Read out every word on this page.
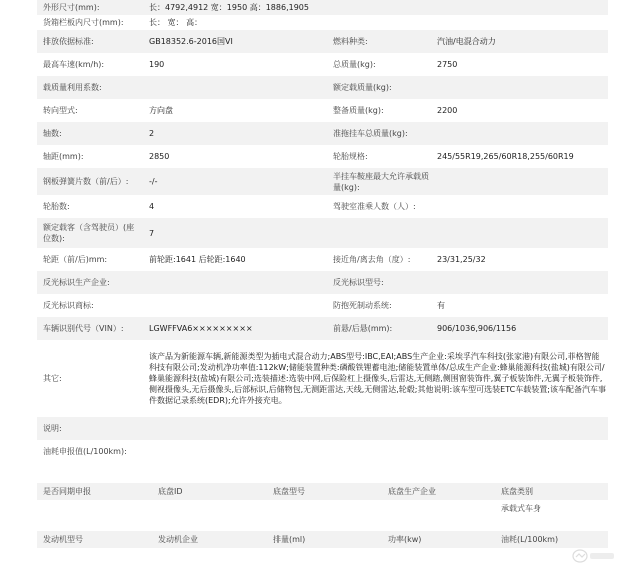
外形尺寸(mm):	长：4792,4912 宽：1950 高：1886,1905		
货箱栏板内尺寸(mm):	长： 宽： 高：		
排放依据标准:	GB18352.6-2016国VI	燃料种类:	汽油/电混合动力
最高车速(km/h):	190	总质量(kg):	2750
载质量利用系数:		额定载质量(kg):	
转向型式:	方向盘	整备质量(kg):	2200
轴数:	2	准拖挂车总质量(kg):	
轴距(mm):	2850	轮胎规格:	245/55R19,265/60R18,255/60R19
钢板弹簧片数（前/后）:	-/-	半挂车鞍座最大允许承载质量(kg):	
轮胎数:	4	驾驶室准乘人数（人）:	
额定载客（含驾驶员）(座位数):	7		
轮距（前/后)mm:	前轮距:1641 后轮距:1640	接近角/离去角（度）:	23/31,25/32
反光标识生产企业:		反光标识型号:	
反光标识商标:		防抱死制动系统:	有
车辆识别代号（VIN）:	LGWFFVA6×××××××××	前悬/后悬(mm):	906/1036,906/1156
其它:	该产品为新能源车辆,新能源类型为插电式混合动力;ABS型号:IBC,EAI;ABS生产企业:采埃孚汽车科技(张家港)有限公司,菲格智能科技有限公司;发动机净功率值:112kW;储能装置种类:磷酸铁锂蓄电池;储能装置单体/总成生产企业:蜂巢能源科技(盐城)有限公司/蜂巢能源科技(盐城)有限公司;选装描述:选装中网,后保险杠上摄像头,后雷达,无侧踏,侧围窗装饰件,翼子板装饰件,无翼子板装饰件,侧视摄像头,无后摄像头,后部标识,后储物包,无测距雷达,天线,无侧雷达,轮毂;其他说明:该车型可选装ETC车载装置;该车配备汽车事件数据记录系统(EDR);允许外接充电。		
说明:			
油耗申报值(L/100km):			
是否同期申报	底盘ID	底盘型号	底盘生产企业	底盘类别
				承载式车身
发动机型号	发动机企业	排量(ml)	功率(kw)	油耗(L/100km)
